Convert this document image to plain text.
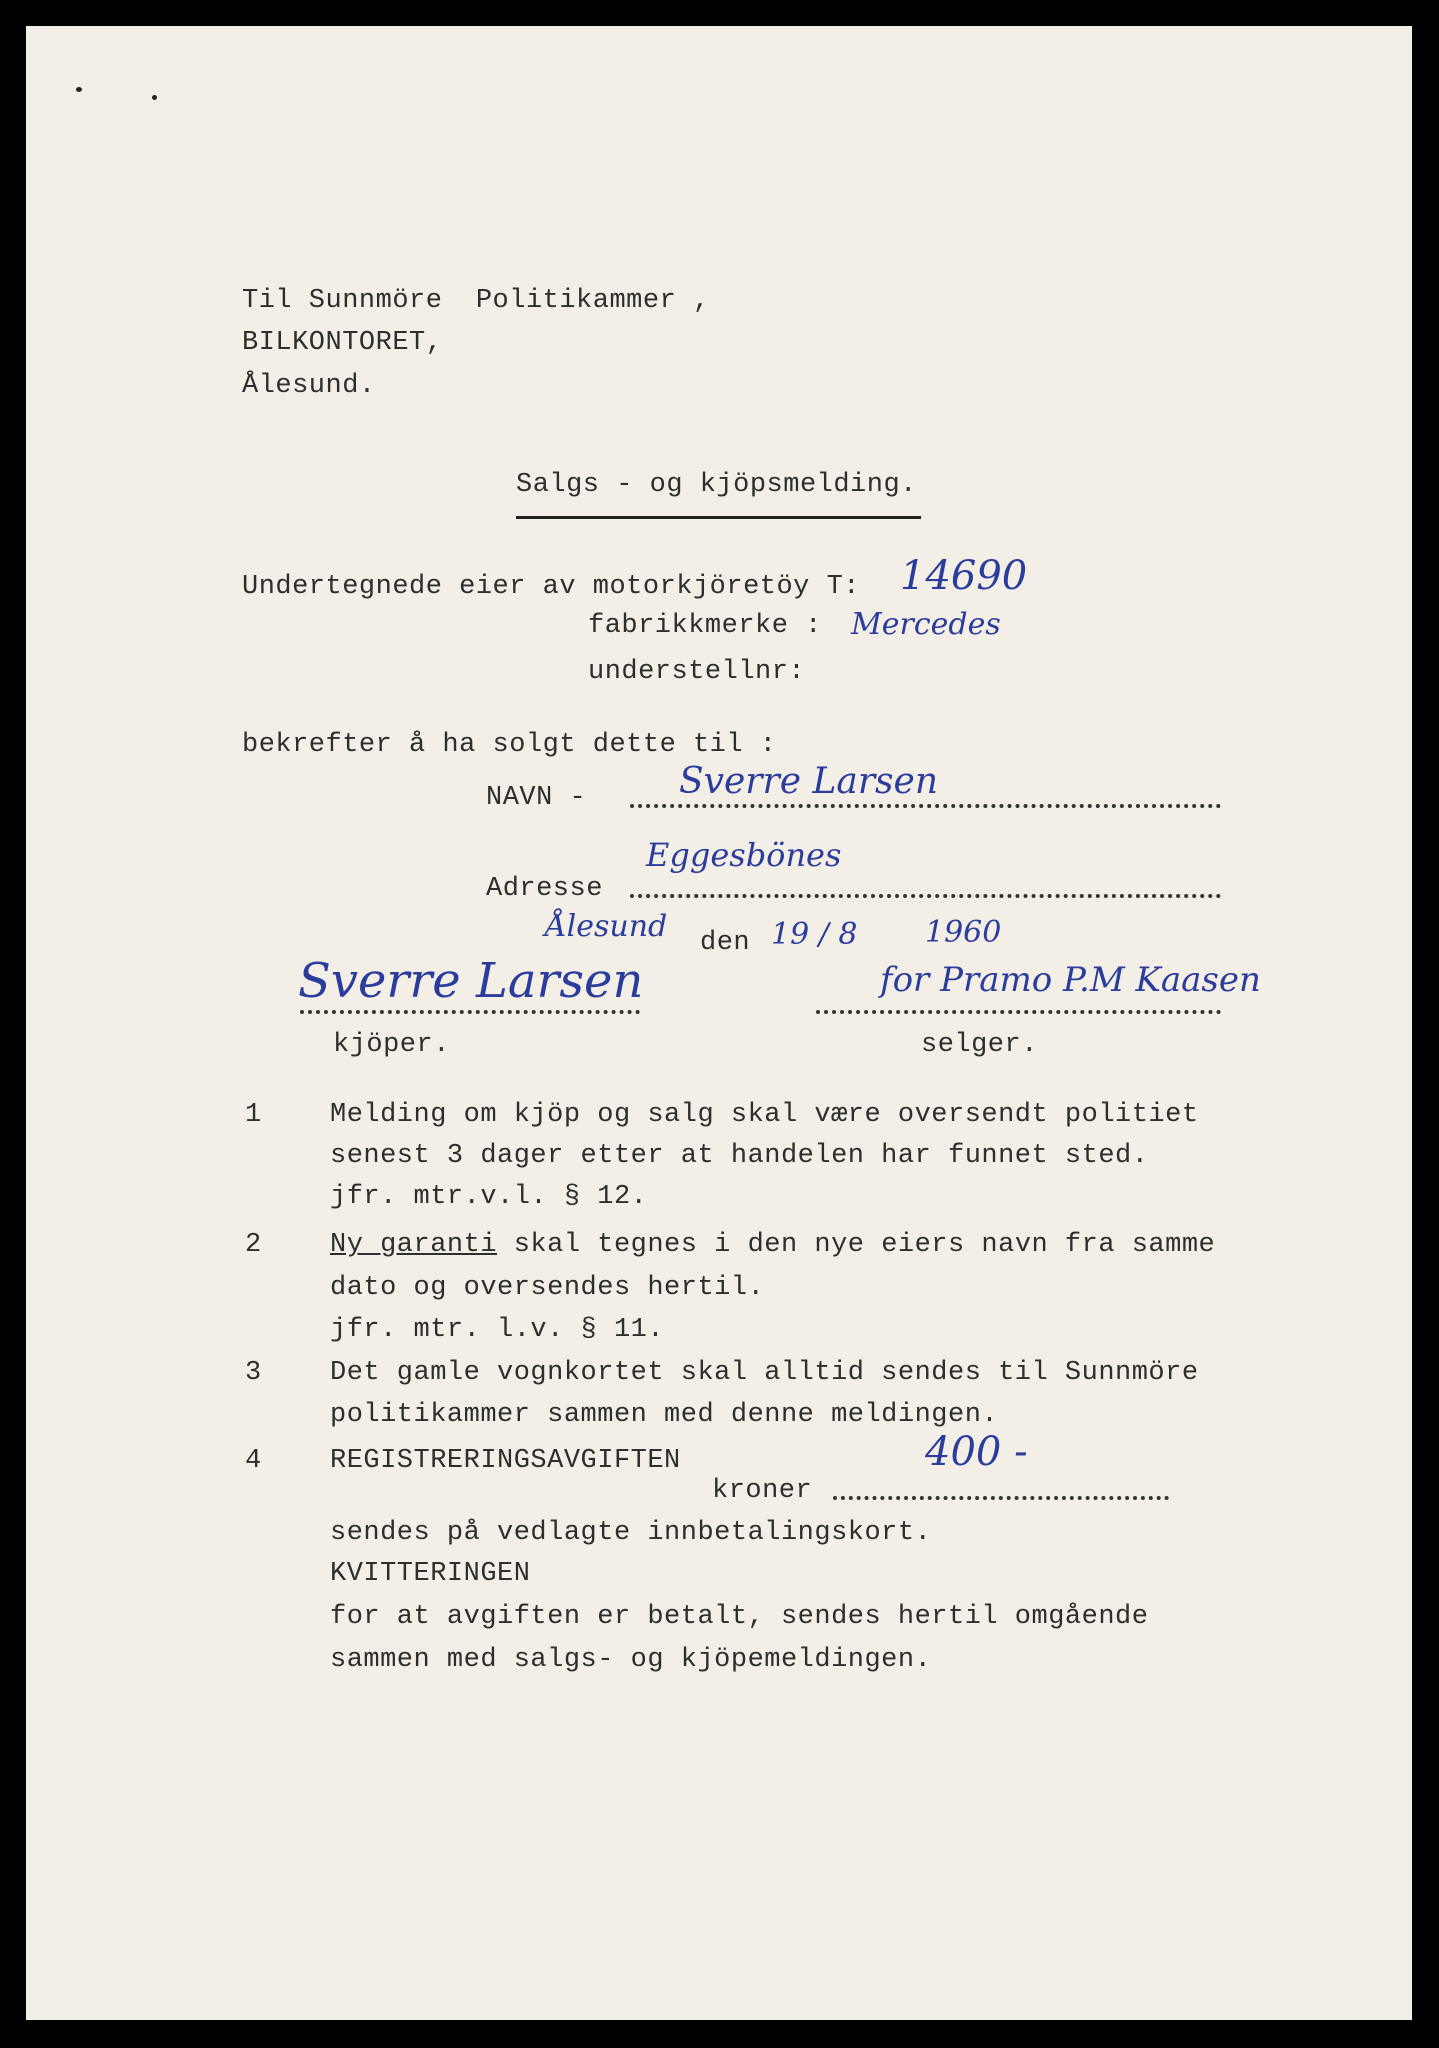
Til Sunnmöre  Politikammer ,
BILKONTORET,
Ålesund.
Salgs - og kjöpsmelding.
Undertegnede eier av motorkjöretöy T: 14690
fabrikkmerke : Mercedes
understellnr:
bekrefter å ha solgt dette til :
NAVN -	Sverre Larsen
Adresse
Eggesbönes
Ålesund den 19 / 8 1960
Sverre Larsen	for Pramo P.M Kaasen
kjöper.	selger.
1	Melding om kjöp og salg skal være oversendt politiet
senest 3 dager etter at handelen har funnet sted.
jfr. mtr.v.l. § 12.
2	Ny garanti skal tegnes i den nye eiers navn fra samme
dato og oversendes hertil.
jfr. mtr. l.v. § 11.
3	Det gamle vognkortet skal alltid sendes til Sunnmöre
politikammer sammen med denne meldingen.
4	REGISTRERINGSAVGIFTEN	400 -
kroner
sendes på vedlagte innbetalingskort.
KVITTERINGEN
for at avgiften er betalt, sendes hertil omgående
sammen med salgs- og kjöpemeldingen.
